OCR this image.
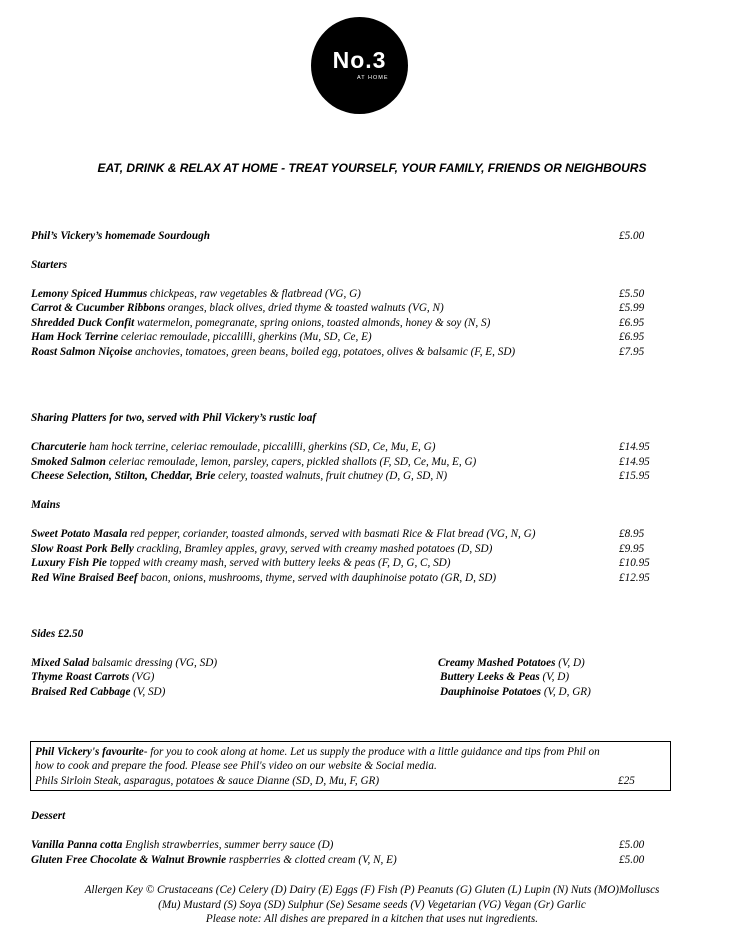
No.3
AT HOME
EAT, DRINK & RELAX AT HOME - TREAT YOURSELF, YOUR FAMILY, FRIENDS OR NEIGHBOURS
Phil’s Vickery’s homemade Sourdough	£5.00
Starters
Lemony Spiced Hummus chickpeas, raw vegetables & flatbread (VG, G)	£5.50
Carrot & Cucumber Ribbons oranges, black olives, dried thyme & toasted walnuts (VG, N)	£5.99
Shredded Duck Confit watermelon, pomegranate, spring onions, toasted almonds, honey & soy (N, S)	£6.95
Ham Hock Terrine celeriac remoulade, piccalilli, gherkins (Mu, SD, Ce, E)	£6.95
Roast Salmon Niçoise anchovies, tomatoes, green beans, boiled egg, potatoes, olives & balsamic (F, E, SD)	£7.95
Sharing Platters for two, served with Phil Vickery’s rustic loaf
Charcuterie ham hock terrine, celeriac remoulade, piccalilli, gherkins (SD, Ce, Mu, E, G)	£14.95
Smoked Salmon celeriac remoulade, lemon, parsley, capers, pickled shallots (F, SD, Ce, Mu, E, G)	£14.95
Cheese Selection, Stilton, Cheddar, Brie celery, toasted walnuts, fruit chutney (D, G, SD, N)	£15.95
Mains
Sweet Potato Masala red pepper, coriander, toasted almonds, served with basmati Rice & Flat bread (VG, N, G)	£8.95
Slow Roast Pork Belly crackling, Bramley apples, gravy, served with creamy mashed potatoes (D, SD)	£9.95
Luxury Fish Pie topped with creamy mash, served with buttery leeks & peas (F, D, G, C, SD)	£10.95
Red Wine Braised Beef bacon, onions, mushrooms, thyme, served with dauphinoise potato (GR, D, SD)	£12.95
Sides £2.50
Mixed Salad balsamic dressing (VG, SD)
Thyme Roast Carrots (VG)
Braised Red Cabbage (V, SD)
Creamy Mashed Potatoes (V, D)
Buttery Leeks & Peas (V, D)
Dauphinoise Potatoes (V, D, GR)
Phil Vickery's favourite- for you to cook along at home. Let us supply the produce with a little guidance and tips from Phil on
how to cook and prepare the food. Please see Phil's video on our website & Social media.
Phils Sirloin Steak, asparagus, potatoes & sauce Dianne (SD, D, Mu, F, GR)	£25
Dessert
Vanilla Panna cotta English strawberries, summer berry sauce (D)	£5.00
Gluten Free Chocolate & Walnut Brownie raspberries & clotted cream (V, N, E)	£5.00
Allergen Key © Crustaceans (Ce) Celery (D) Dairy (E) Eggs (F) Fish (P) Peanuts (G) Gluten (L) Lupin (N) Nuts (MO)Molluscs
(Mu) Mustard (S) Soya (SD) Sulphur (Se) Sesame seeds (V) Vegetarian (VG) Vegan (Gr) Garlic
Please note: All dishes are prepared in a kitchen that uses nut ingredients.
